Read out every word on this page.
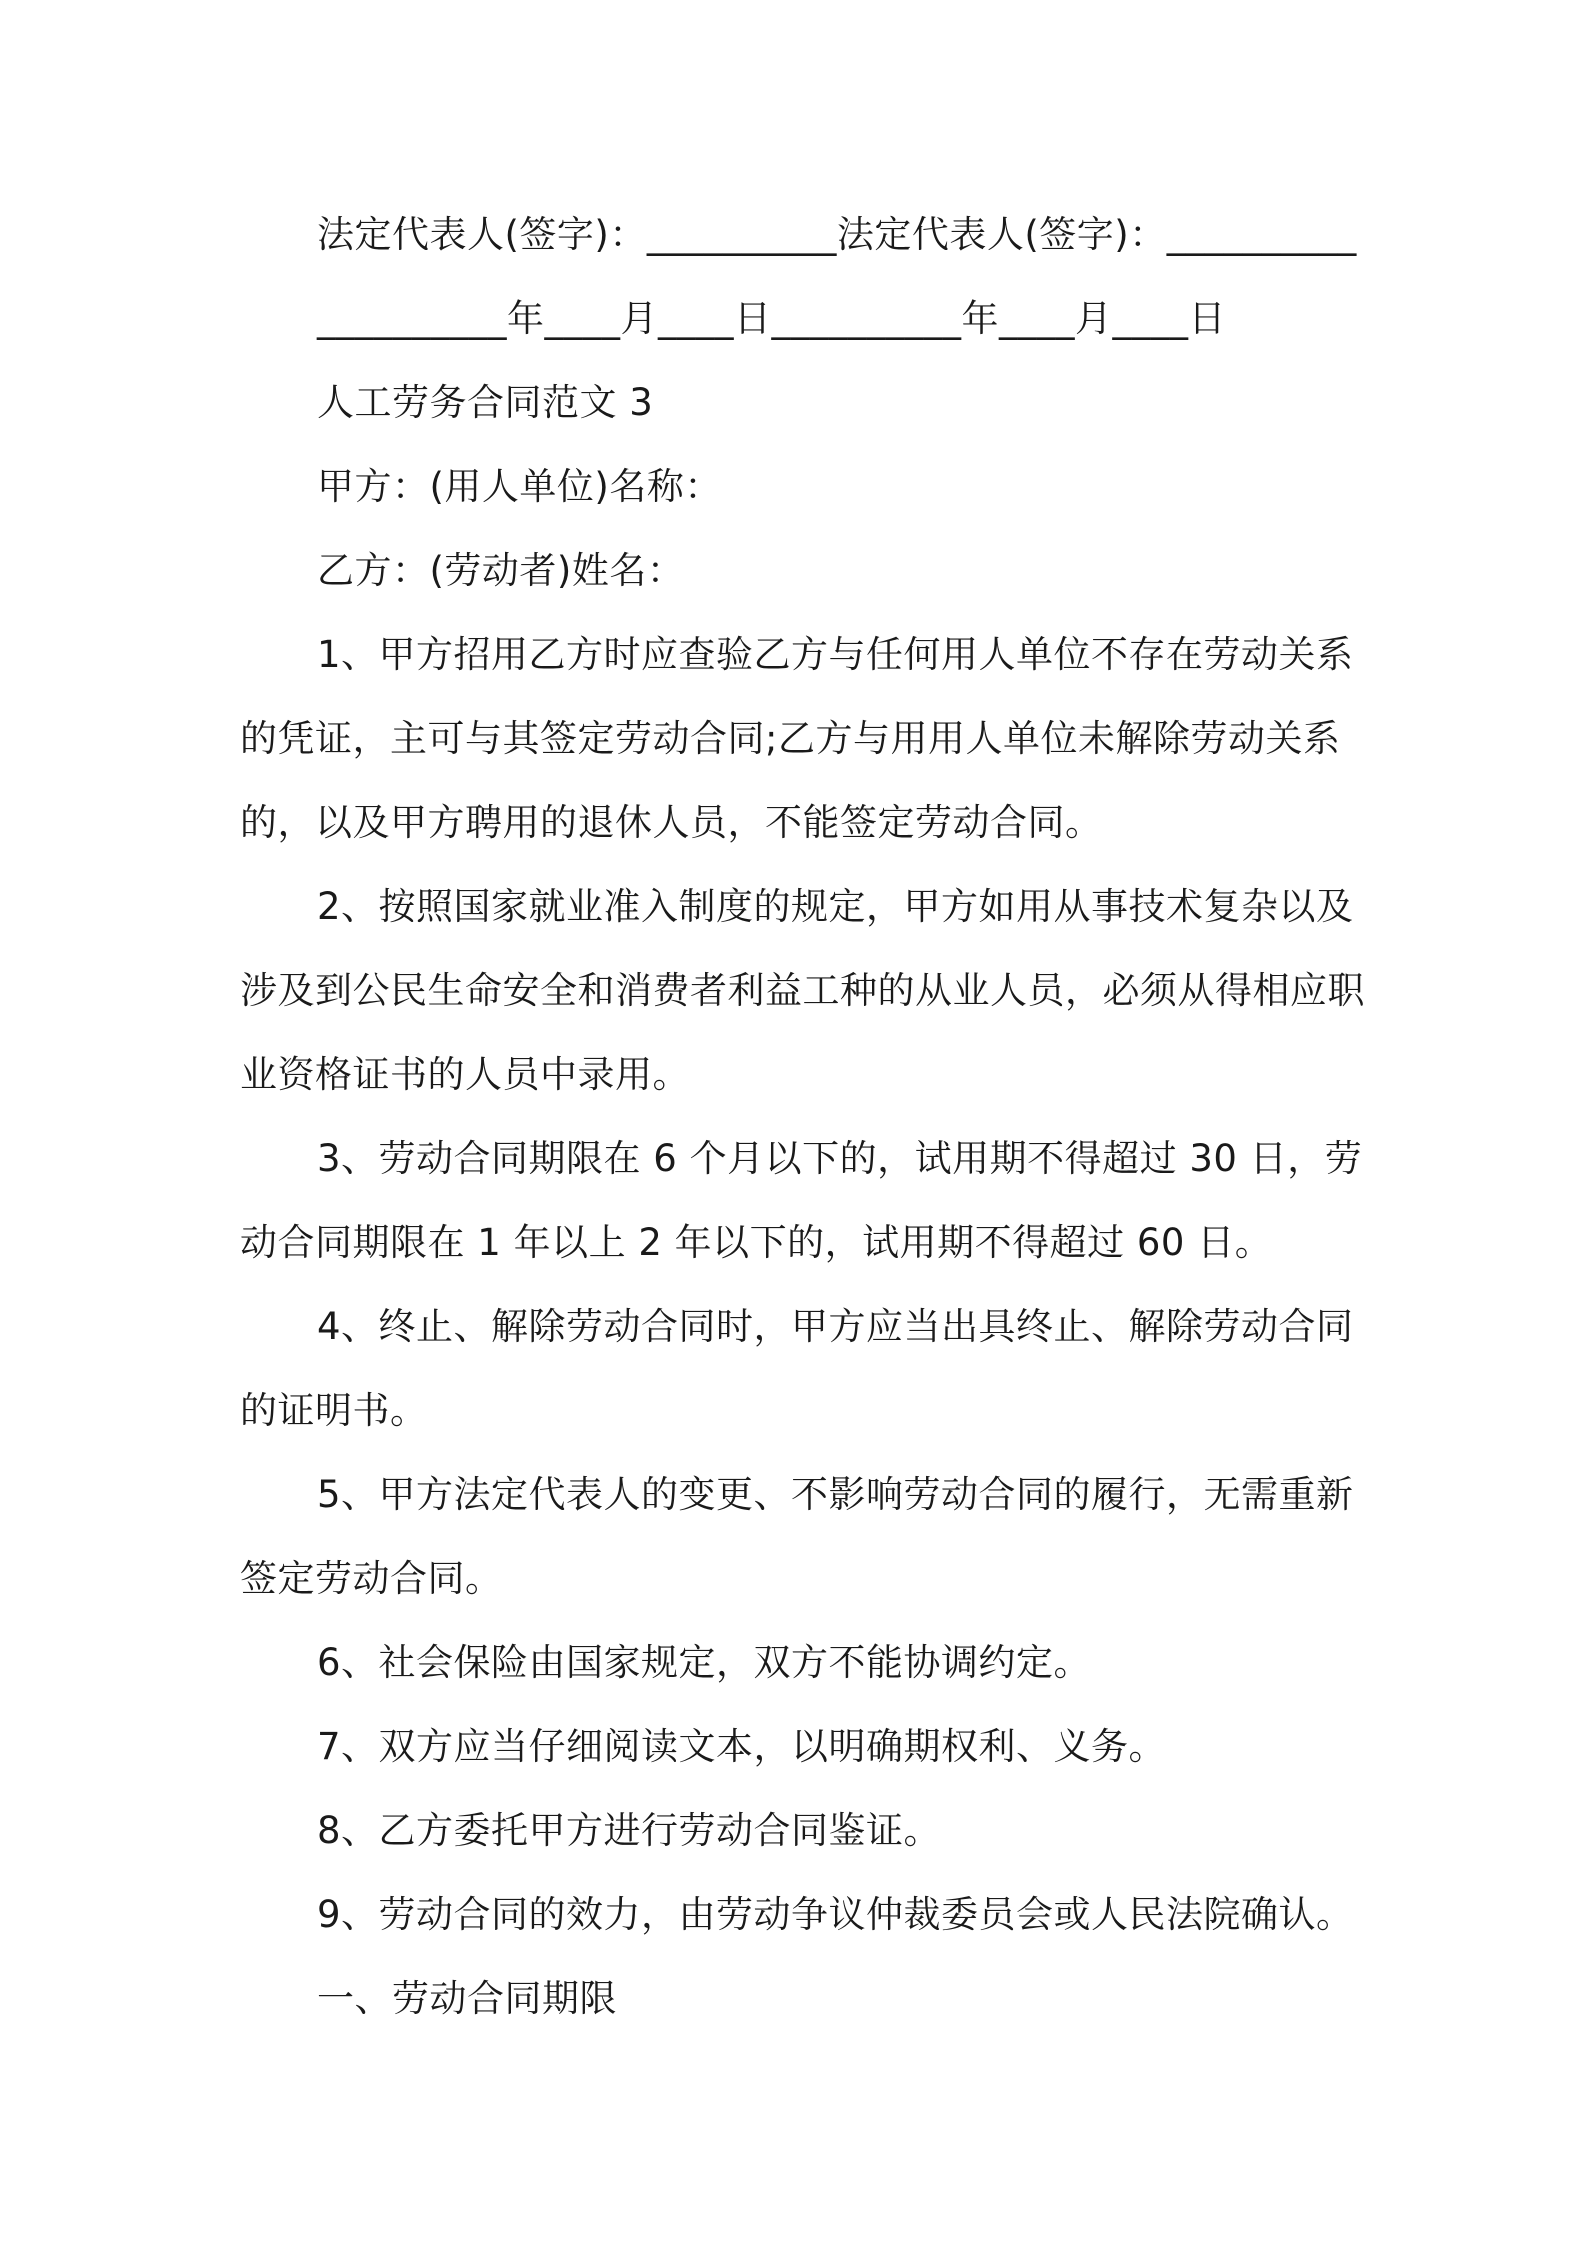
法定代表人(签字)：__________法定代表人(签字)：__________
__________年____月____日__________年____月____日
人工劳务合同范文 3
甲方：(用人单位)名称：
乙方：(劳动者)姓名：
1、甲方招用乙方时应查验乙方与任何用人单位不存在劳动关系
的凭证，主可与其签定劳动合同;乙方与用用人单位未解除劳动关系
的，以及甲方聘用的退休人员，不能签定劳动合同。
2、按照国家就业准入制度的规定，甲方如用从事技术复杂以及
涉及到公民生命安全和消费者利益工种的从业人员，必须从得相应职
业资格证书的人员中录用。
3、劳动合同期限在 6 个月以下的，试用期不得超过 30 日，劳
动合同期限在 1 年以上 2 年以下的，试用期不得超过 60 日。
4、终止、解除劳动合同时，甲方应当出具终止、解除劳动合同
的证明书。
5、甲方法定代表人的变更、不影响劳动合同的履行，无需重新
签定劳动合同。
6、社会保险由国家规定，双方不能协调约定。
7、双方应当仔细阅读文本，以明确期权利、义务。
8、乙方委托甲方进行劳动合同鉴证。
9、劳动合同的效力，由劳动争议仲裁委员会或人民法院确认。
一、劳动合同期限
